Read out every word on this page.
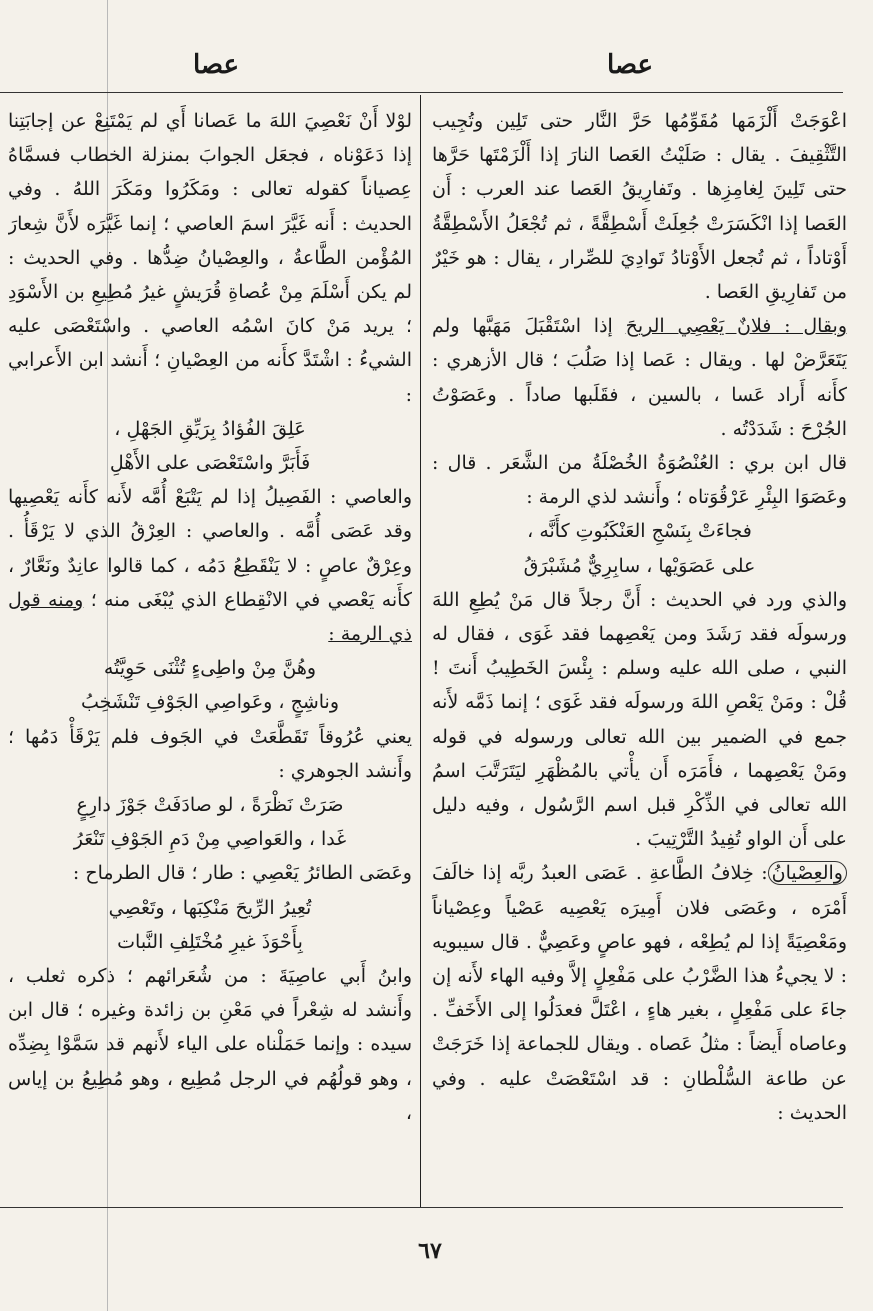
عصا
عصا

اعْوَجَتْ أَلْزَمَها مُقَوِّمُها حَرَّ النَّار حتى تَلِين وتُجِيب التَّثْقِيفَ . يقال : صَلَيْتُ العَصا النارَ إذا أَلْزَمْتَها حَرَّها حتى تَلِينَ لِغامِزِها . وتَفارِيقُ العَصا عند العرب : أَن العَصا إذا انْكَسَرَتْ جُعِلَتْ أَسْطِقَّةً ، ثم تُجْعَلُ الأَسْطِقَّةُ أَوْتاداً ، ثم تُجعل الأَوْتادُ تَوادِيَ للصِّرار ، يقال : هو خَيْرٌ من تَفارِيقِ العَصا .

وبقال : فلانٌ يَعْصِي الريحَ إذا اسْتَقْبَلَ مَهَبَّها ولم يَتَعَرَّضْ لها . ويقال : عَصا إذا صَلُبَ ؛ قال الأزهري : كأَنه أَراد عَسا ، بالسين ، فقَلَبها صاداً . وعَصَوْتُ الجُرْحَ : شَدَدْتُه .

قال ابن بري : العُنْصُوَةُ الخُصْلَةُ من الشَّعَر . قال : وعَصَوَا البِئْرِ عَرْقُوَتاه ؛ وأَنشد لذي الرمة :

فجاءَتْ بِنَسْجِ العَنْكَبُوتِ كأَنَّه ،

على عَصَوَيْها ، سابِرِيٌّ مُشَبْرَقُ

والذي ورد في الحديث : أَنَّ رجلاً قال مَنْ يُطِعِ اللهَ ورسولَه فقد رَشَدَ ومن يَعْصِهما فقد غَوَى ، فقال له النبي ، صلى الله عليه وسلم : بِئْسَ الخَطِيبُ أَنتَ ! قُلْ : ومَنْ يَعْصِ اللهَ ورسولَه فقد غَوَى ؛ إنما ذَمَّه لأَنه جمع في الضمير بين الله تعالى ورسوله في قوله ومَنْ يَعْصِهما ، فأَمَرَه أَن يأْتي بالمُظْهَرِ ليَتَرَتَّبَ اسمُ الله تعالى في الذِّكْرِ قبل اسم الرَّسُول ، وفيه دليل على أَن الواو تُفِيدُ التَّرْتِيبَ .

والعِصْيانُ: خِلافُ الطَّاعةِ . عَصَى العبدُ ربَّه إذا خالَفَ أَمْرَه ، وعَصَى فلان أَمِيرَه يَعْصِيه عَصْياً وعِصْياناً ومَعْصِيَةً إذا لم يُطِعْه ، فهو عاصٍ وعَصِيٌّ . قال سيبويه : لا يجيءُ هذا الضَّرْبُ على مَفْعِلٍ إلاَّ وفيه الهاء لأَنه إن جاءَ على مَفْعِلٍ ، بغير هاءٍ ، اعْتَلَّ فعدَلُوا إلى الأَخَفِّ . وعاصاه أَيضاً : مثلُ عَصاه . ويقال للجماعة إذا خَرَجَتْ عن طاعة السُّلْطانِ : قد اسْتَعْصَتْ عليه . وفي الحديث :

لوْلا أَنْ نَعْصِيَ اللهَ ما عَصانا أَي لم يَمْتَنِعْ عن إجابَتِنا إذا دَعَوْناه ، فجعَل الجوابَ بمنزلة الخطاب فسمَّاهُ عِصياناً كقوله تعالى : ومَكَرُوا ومَكَرَ اللهُ . وفي الحديث : أَنه غَيَّرَ اسمَ العاصي ؛ إنما غَيَّرَه لأَنَّ شِعارَ المُؤْمن الطَّاعةُ ، والعِصْيانُ ضِدُّها . وفي الحديث : لم يكن أَسْلَمَ مِنْ عُصاةِ قُرَيشٍ غيرُ مُطِيعِ بن الأَسْوَدِ ؛ يريد مَنْ كانَ اسْمُه العاصي . واسْتَعْصَى عليه الشيءُ : اشْتَدَّ كأَنه من العِصْيانِ ؛ أَنشد ابن الأَعرابي :

عَلِقَ الفُؤادُ بِرَيِّقِ الجَهْلِ ،

فَأَبَرَّ واسْتَعْصَى على الأَهْلِ

والعاصي : الفَصِيلُ إذا لم يَتْبَعْ أُمَّه لأَنه كأَنه يَعْصِيها وقد عَصَى أُمَّه . والعاصي : العِرْقُ الذي لا يَرْقَأُ . وعِرْقٌ عاصٍ : لا يَنْقَطِعُ دَمُه ، كما قالوا عانِدٌ ونَعَّارٌ ، كأَنه يَعْصي في الانْقِطاع الذي يُبْغَى منه ؛ ومنه قول ذي الرمة :

وهُنَّ مِنْ واطِىءٍ تُثْنَى حَوِيَّتُه

وناشِجٍ ، وعَواصِي الجَوْفِ تَنْشَخِبُ

يعني عُرُوقاً تَقَطَّعَتْ في الجَوف فلم يَرْقَأْ دَمُها ؛ وأَنشد الجوهري :

صَرَتْ نَظْرَةً ، لو صادَفَتْ جَوْزَ دارِعٍ

غَدا ، والعَواصِي مِنْ دَمِ الجَوْفِ تَنْعَرُ

وعَصَى الطائرُ يَعْصِي : طار ؛ قال الطرماح :

تُعِيرُ الرِّيحَ مَنْكِبَها ، وتَعْصِي

بِأَحْوَذَ غيرِ مُخْتَلِفِ النَّبات

وابنُ أَبي عاصِيَةَ : من شُعَرائهم ؛ ذكره ثعلب ، وأَنشد له شِعْراً في مَعْنِ بن زائدة وغيره ؛ قال ابن سيده : وإنما حَمَلْناه على الياء لأَنهم قد سَمَّوْا بِضِدِّه ، وهو قولُهُم في الرجل مُطِيع ، وهو مُطِيعُ بن إياس ،

٦٧
